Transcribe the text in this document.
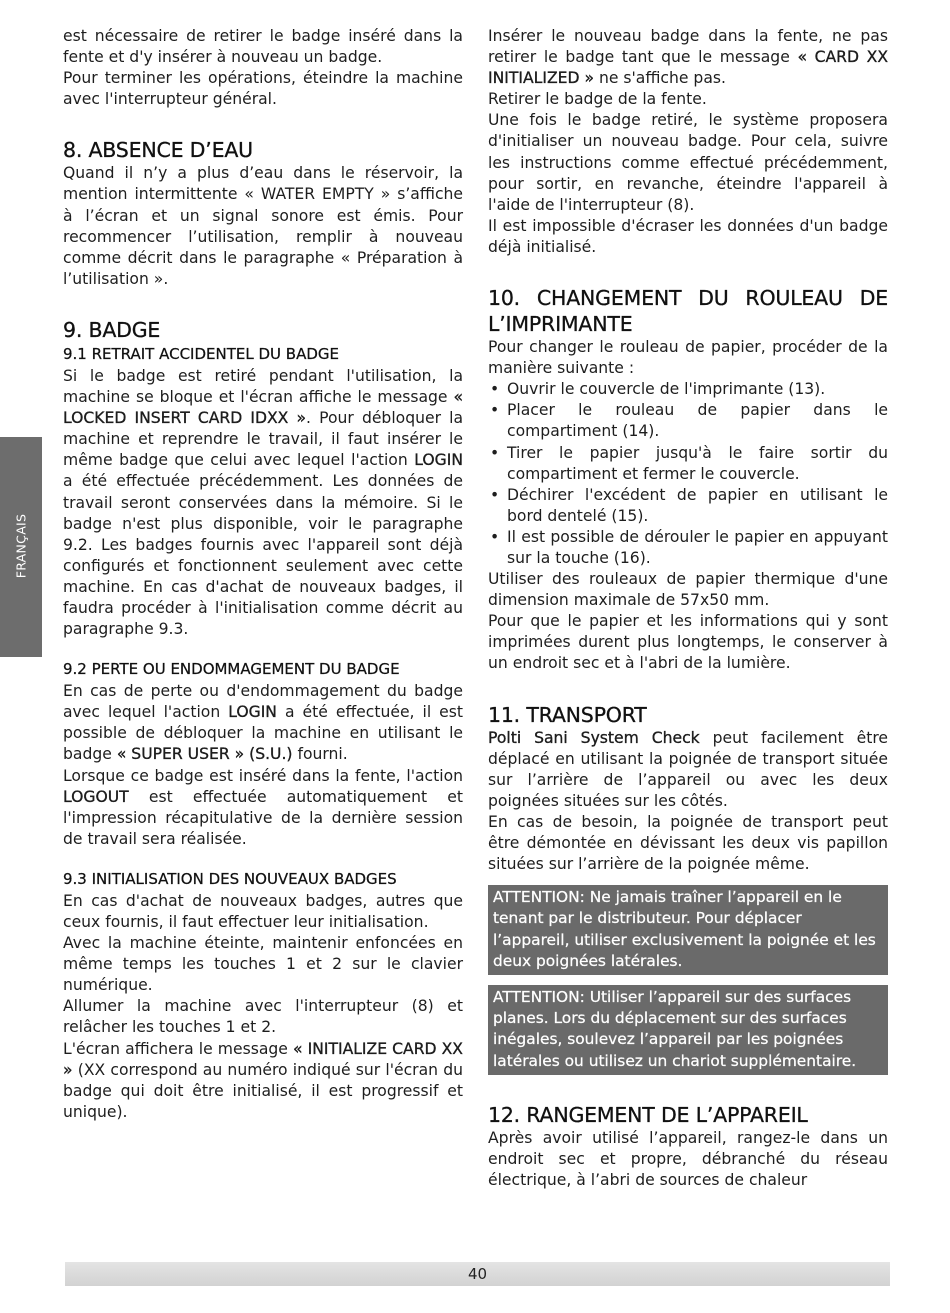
FRANÇAIS

est nécessaire de retirer le badge inséré dans la fente et d'y insérer à nouveau un badge.

Pour terminer les opérations, éteindre la machine avec l'interrupteur général.

8. ABSENCE D’EAU

Quand il n’y a plus d’eau dans le réservoir, la mention intermittente « WATER EMPTY » s’affiche à l’écran et un signal sonore est émis. Pour recommencer l’utilisation, remplir à nouveau comme décrit dans le paragraphe « Préparation à l’utilisation ».

9. BADGE
9.1 RETRAIT ACCIDENTEL DU BADGE

Si le badge est retiré pendant l'utilisation, la machine se bloque et l'écran affiche le message « LOCKED INSERT CARD IDXX ». Pour débloquer la machine et reprendre le travail, il faut insérer le même badge que celui avec lequel l'action LOGIN a été effectuée précédemment. Les données de travail seront conservées dans la mémoire. Si le badge n'est plus disponible, voir le paragraphe 9.2. Les badges fournis avec l'appareil sont déjà configurés et fonctionnent seulement avec cette machine. En cas d'achat de nouveaux badges, il faudra procéder à l'initialisation comme décrit au paragraphe 9.3.

9.2 PERTE OU ENDOMMAGEMENT DU BADGE

En cas de perte ou d'endommagement du badge avec lequel l'action LOGIN a été effectuée, il est possible de débloquer la machine en utilisant le badge « SUPER USER » (S.U.) fourni.

Lorsque ce badge est inséré dans la fente, l'action LOGOUT est effectuée automatiquement et l'impression récapitulative de la dernière session de travail sera réalisée.

9.3 INITIALISATION DES NOUVEAUX BADGES

En cas d'achat de nouveaux badges, autres que ceux fournis, il faut effectuer leur initialisation.

Avec la machine éteinte, maintenir enfoncées en même temps les touches 1 et 2 sur le clavier numérique.

Allumer la machine avec l'interrupteur (8) et relâcher les touches 1 et 2.

L'écran affichera le message « INITIALIZE CARD XX » (XX correspond au numéro indiqué sur l'écran du badge qui doit être initialisé, il est progressif et unique).

Insérer le nouveau badge dans la fente, ne pas retirer le badge tant que le message « CARD XX INITIALIZED » ne s'affiche pas.

Retirer le badge de la fente.

Une fois le badge retiré, le système proposera d'initialiser un nouveau badge. Pour cela, suivre les instructions comme effectué précédemment, pour sortir, en revanche, éteindre l'appareil à l'aide de l'interrupteur (8).

Il est impossible d'écraser les données d'un badge déjà initialisé.

10. CHANGEMENT DU ROULEAU DE L’IMPRIMANTE

Pour changer le rouleau de papier, procéder de la manière suivante :

• Ouvrir le couvercle de l'imprimante (13).
• Placer le rouleau de papier dans le compartiment (14).
• Tirer le papier jusqu'à le faire sortir du compartiment et fermer le couvercle.
• Déchirer l'excédent de papier en utilisant le bord dentelé (15).
• Il est possible de dérouler le papier en appuyant sur la touche (16).

Utiliser des rouleaux de papier thermique d'une dimension maximale de 57x50 mm.

Pour que le papier et les informations qui y sont imprimées durent plus longtemps, le conserver à un endroit sec et à l'abri de la lumière.

11. TRANSPORT

Polti Sani System Check peut facilement être déplacé en utilisant la poignée de transport située sur l’arrière de l’appareil ou avec les deux poignées situées sur les côtés.

En cas de besoin, la poignée de transport peut être démontée en dévissant les deux vis papillon situées sur l’arrière de la poignée même.

ATTENTION: Ne jamais traîner l’appareil en le tenant par le distributeur. Pour déplacer l’appareil, utiliser exclusivement la poignée et les deux poignées latérales.
ATTENTION: Utiliser l’appareil sur des surfaces planes. Lors du déplacement sur des surfaces inégales, soulevez l’appareil par les poignées latérales ou utilisez un chariot supplémentaire.
12. RANGEMENT DE L’APPAREIL

Après avoir utilisé l’appareil, rangez-le dans un endroit sec et propre, débranché du réseau électrique, à l’abri de sources de chaleur

40
